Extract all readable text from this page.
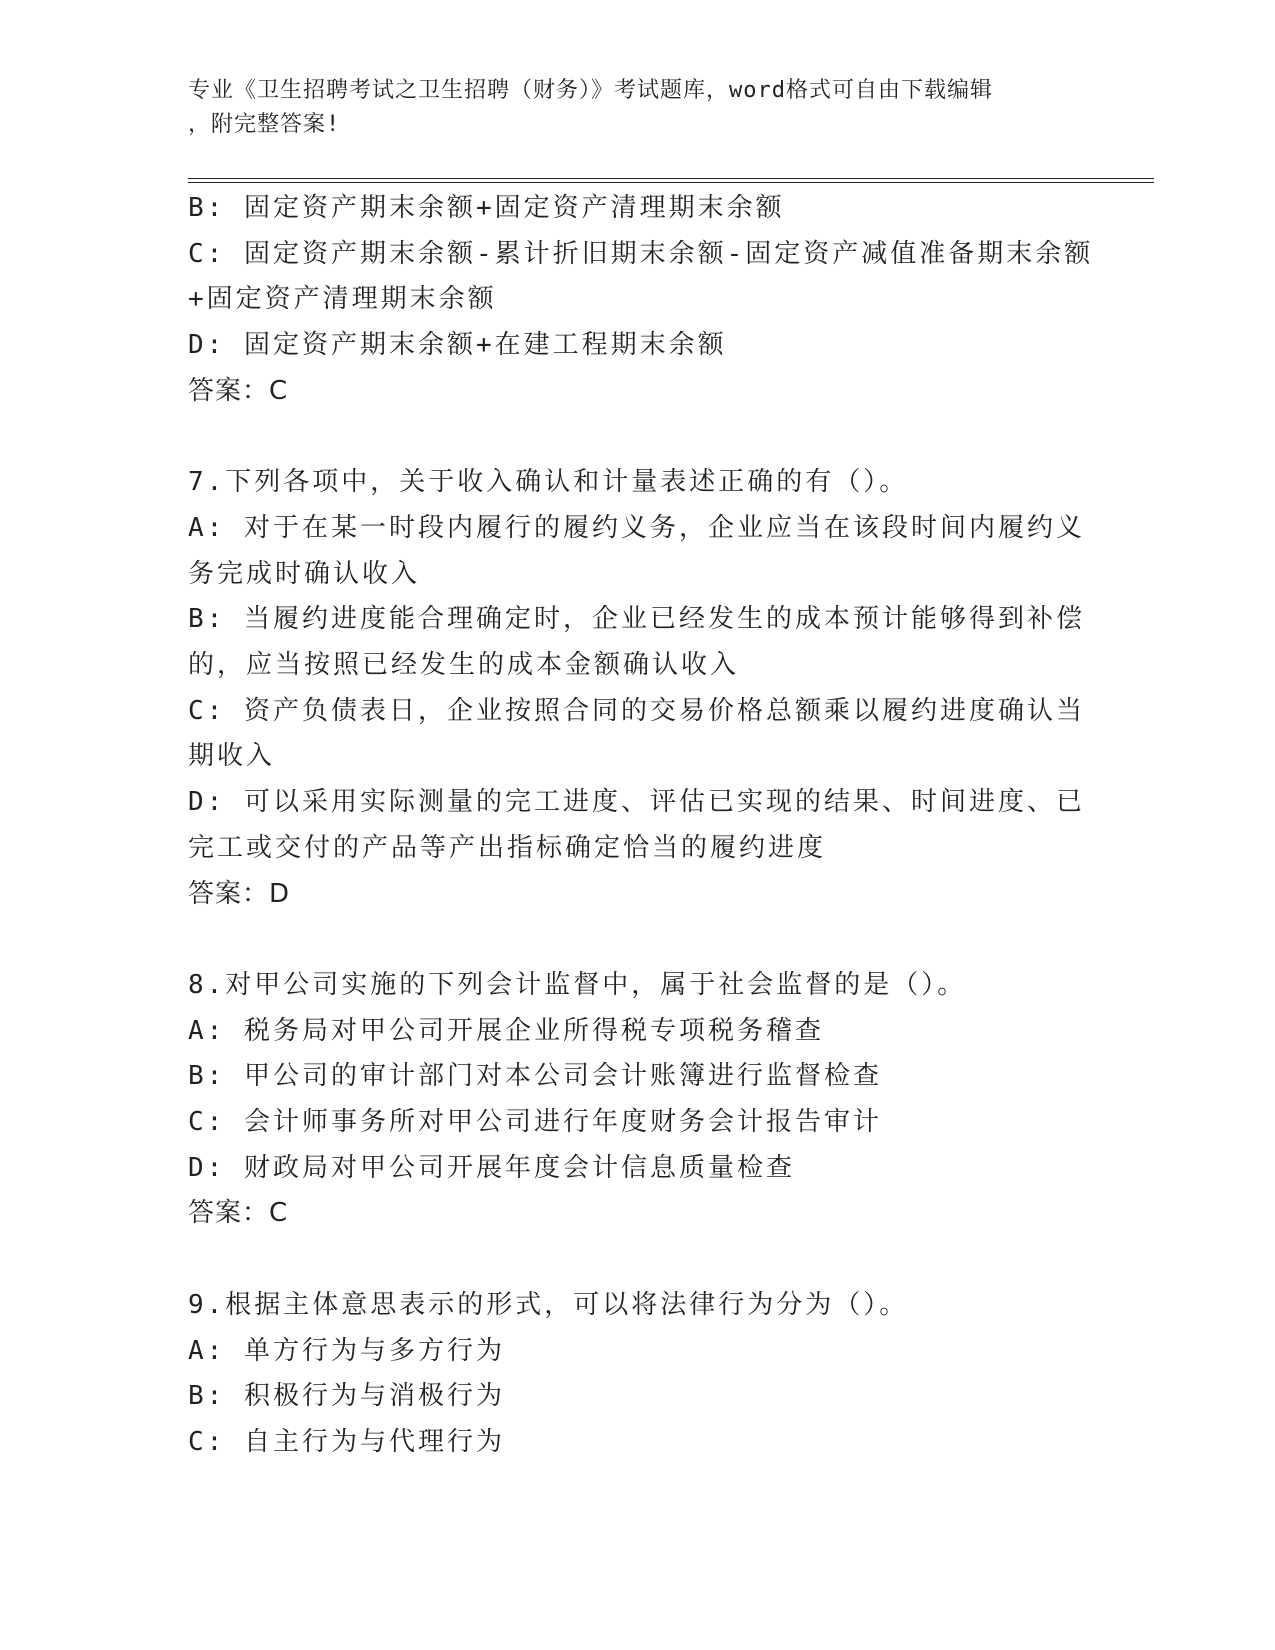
专业《卫生招聘考试之卫生招聘（财务）》考试题库，word格式可自由下载编辑
，附完整答案!
B: 固定资产期末余额+固定资产清理期末余额
C: 固定资产期末余额-累计折旧期末余额-固定资产减值准备期末余额
+固定资产清理期末余额
D: 固定资产期末余额+在建工程期末余额
答案：C
7.下列各项中，关于收入确认和计量表述正确的有（）。
A: 对于在某一时段内履行的履约义务，企业应当在该段时间内履约义
务完成时确认收入
B: 当履约进度能合理确定时，企业已经发生的成本预计能够得到补偿
的，应当按照已经发生的成本金额确认收入
C: 资产负债表日，企业按照合同的交易价格总额乘以履约进度确认当
期收入
D: 可以采用实际测量的完工进度、评估已实现的结果、时间进度、已
完工或交付的产品等产出指标确定恰当的履约进度
答案：D
8.对甲公司实施的下列会计监督中，属于社会监督的是（）。
A: 税务局对甲公司开展企业所得税专项税务稽查
B: 甲公司的审计部门对本公司会计账簿进行监督检查
C: 会计师事务所对甲公司进行年度财务会计报告审计
D: 财政局对甲公司开展年度会计信息质量检查
答案：C
9.根据主体意思表示的形式，可以将法律行为分为（）。
A: 单方行为与多方行为
B: 积极行为与消极行为
C: 自主行为与代理行为
